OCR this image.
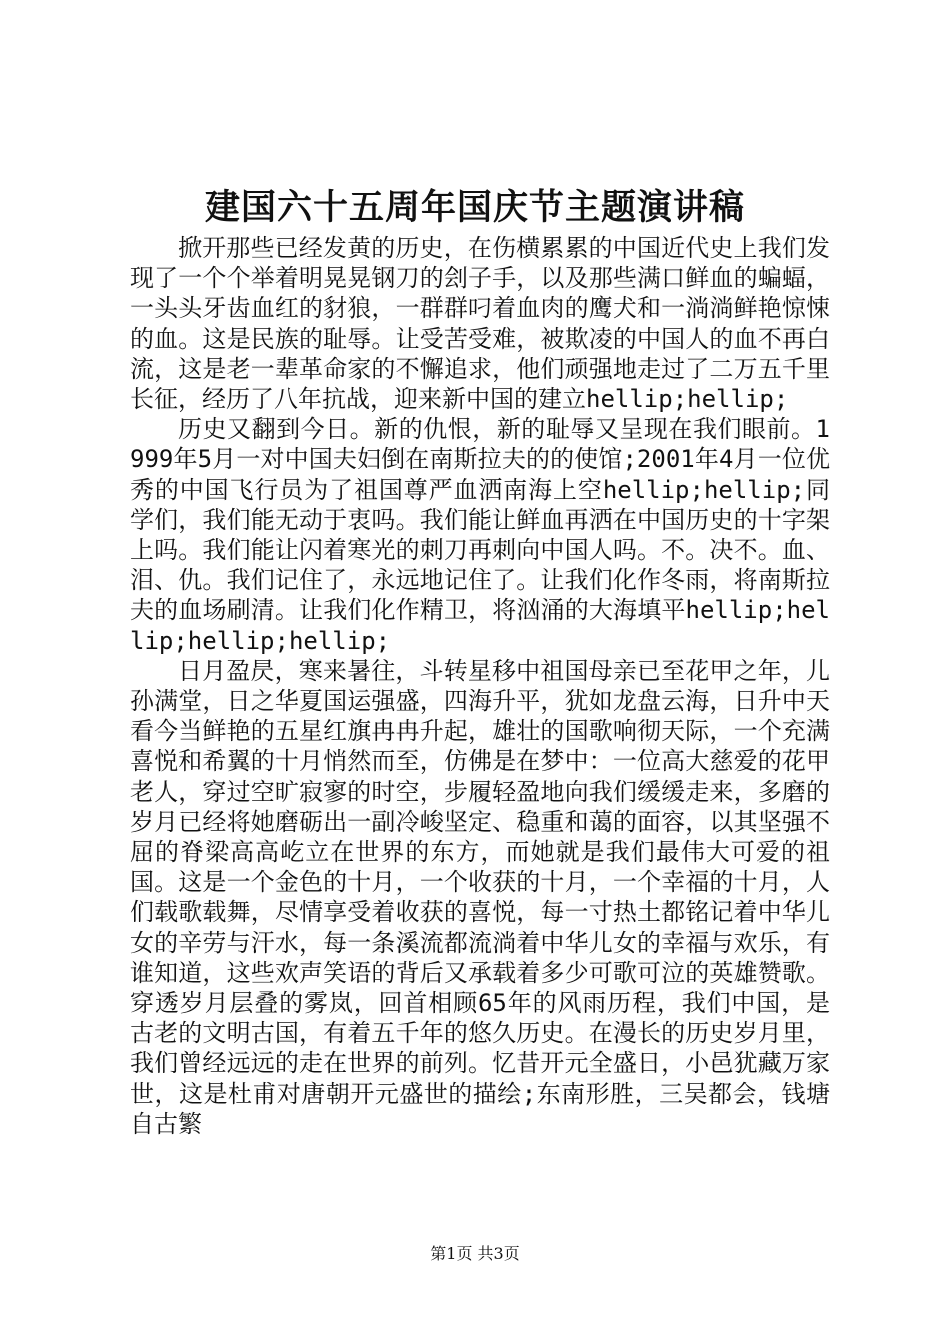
建国六十五周年国庆节主题演讲稿

掀开那些已经发黄的历史，在伤横累累的中国近代史上我们发现了一个个举着明晃晃钢刀的刽子手，以及那些满口鲜血的蝙蝠，一头头牙齿血红的豺狼，一群群叼着血肉的鹰犬和一淌淌鲜艳惊悚的血。这是民族的耻辱。让受苦受难，被欺凌的中国人的血不再白流，这是老一辈革命家的不懈追求，他们顽强地走过了二万五千里长征，经历了八年抗战，迎来新中国的建立hellip;hellip;

历史又翻到今日。新的仇恨，新的耻辱又呈现在我们眼前。1999年5月一对中国夫妇倒在南斯拉夫的的使馆;2001年4月一位优秀的中国飞行员为了祖国尊严血洒南海上空hellip;hellip;同学们，我们能无动于衷吗。我们能让鲜血再洒在中国历史的十字架上吗。我们能让闪着寒光的刺刀再刺向中国人吗。不。决不。血、泪、仇。我们记住了，永远地记住了。让我们化作冬雨，将南斯拉夫的血场刷清。让我们化作精卫，将汹涌的大海填平hellip;hellip;hellip;hellip;

日月盈昃，寒来暑往，斗转星移中祖国母亲已至花甲之年，儿孙满堂，日之华夏国运强盛，四海升平，犹如龙盘云海，日升中天看今当鲜艳的五星红旗冉冉升起，雄壮的国歌响彻天际，一个充满喜悦和希翼的十月悄然而至，仿佛是在梦中：一位高大慈爱的花甲老人，穿过空旷寂寥的时空，步履轻盈地向我们缓缓走来，多磨的岁月已经将她磨砺出一副冷峻坚定、稳重和蔼的面容，以其坚强不屈的脊梁高高屹立在世界的东方，而她就是我们最伟大可爱的祖国。这是一个金色的十月，一个收获的十月，一个幸福的十月，人们载歌载舞，尽情享受着收获的喜悦，每一寸热土都铭记着中华儿女的辛劳与汗水，每一条溪流都流淌着中华儿女的幸福与欢乐，有谁知道，这些欢声笑语的背后又承载着多少可歌可泣的英雄赞歌。穿透岁月层叠的雾岚，回首相顾65年的风雨历程，我们中国，是古老的文明古国，有着五千年的悠久历史。在漫长的历史岁月里，我们曾经远远的走在世界的前列。忆昔开元全盛日，小邑犹藏万家世，这是杜甫对唐朝开元盛世的描绘;东南形胜，三吴都会，钱塘自古繁

第1页 共3页
